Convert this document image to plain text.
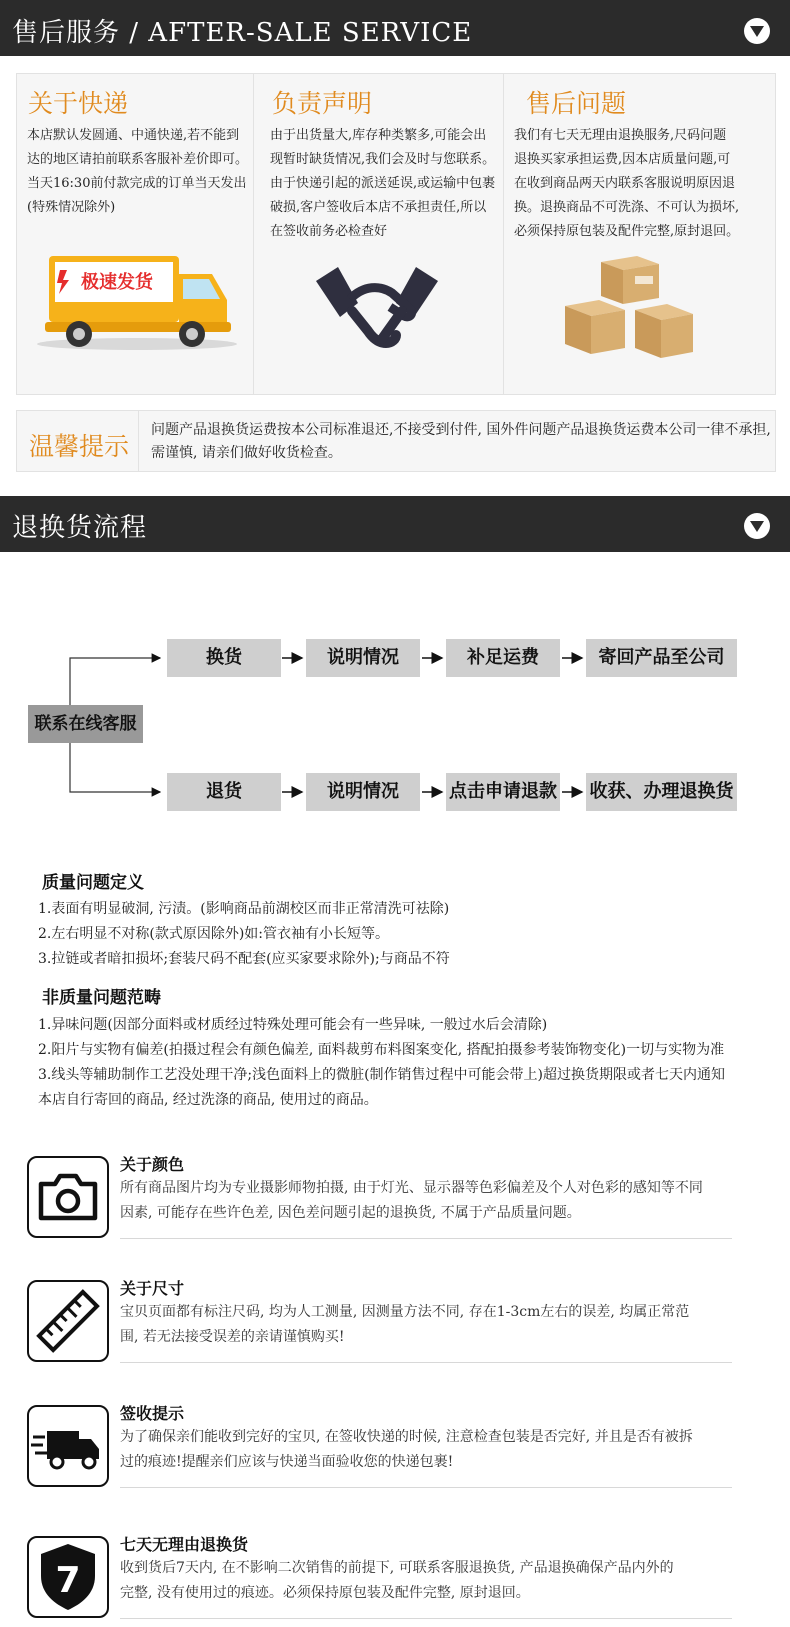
售后服务 / AFTER-SALE SERVICE
关于快递
本店默认发圆通、中通快递,若不能到
达的地区请拍前联系客服补差价即可。
当天16:30前付款完成的订单当天发出
(特殊情况除外)
极速发货
负责声明
由于出货量大,库存种类繁多,可能会出
现暂时缺货情况,我们会及时与您联系。
由于快递引起的派送延误,或运输中包裹
破损,客户签收后本店不承担责任,所以
在签收前务必检查好
售后问题
我们有七天无理由退换服务,尺码问题
退换买家承担运费,因本店质量问题,可
在收到商品两天内联系客服说明原因退
换。退换商品不可洗涤、不可认为损坏,
必须保持原包装及配件完整,原封退回。
温馨提示
问题产品退换货运费按本公司标准退还,不接受到付件, 国外件问题产品退换货运费本公司一律不承担, 需谨慎, 请亲们做好收货检查。
退换货流程
联系在线客服
换货	说明情况	补足运费	寄回产品至公司
退货	说明情况	点击申请退款 收获、办理退换货
质量问题定义
1.表面有明显破洞, 污渍。(影响商品前湖校区而非正常清洗可祛除)
2.左右明显不对称(款式原因除外)如:管衣袖有小长短等。
3.拉链或者暗扣损坏;套装尺码不配套(应买家要求除外);与商品不符
非质量问题范畴
1.异味问题(因部分面料或材质经过特殊处理可能会有一些异味, 一般过水后会清除)
2.阳片与实物有偏差(拍摄过程会有颜色偏差, 面料裁剪布料图案变化, 搭配拍摄参考装饰物变化)一切与实物为准
3.线头等辅助制作工艺没处理干净;浅色面料上的微脏(制作销售过程中可能会带上)超过换货期限或者七天内通知
本店自行寄回的商品, 经过洗涤的商品, 使用过的商品。
关于颜色
所有商品图片均为专业摄影师物拍摄, 由于灯光、显示器等色彩偏差及个人对色彩的感知等不同
因素, 可能存在些许色差, 因色差问题引起的退换货, 不属于产品质量问题。
关于尺寸
宝贝页面都有标注尺码, 均为人工测量, 因测量方法不同, 存在1-3cm左右的误差, 均属正常范
围, 若无法接受误差的亲请谨慎购买!
签收提示
为了确保亲们能收到完好的宝贝, 在签收快递的时候, 注意检查包装是否完好, 并且是否有被拆
过的痕迹!提醒亲们应该与快递当面验收您的快递包裹!
7
七天无理由退换货
收到货后7天内, 在不影响二次销售的前提下, 可联系客服退换货, 产品退换确保产品内外的
完整, 没有使用过的痕迹。必须保持原包装及配件完整, 原封退回。
